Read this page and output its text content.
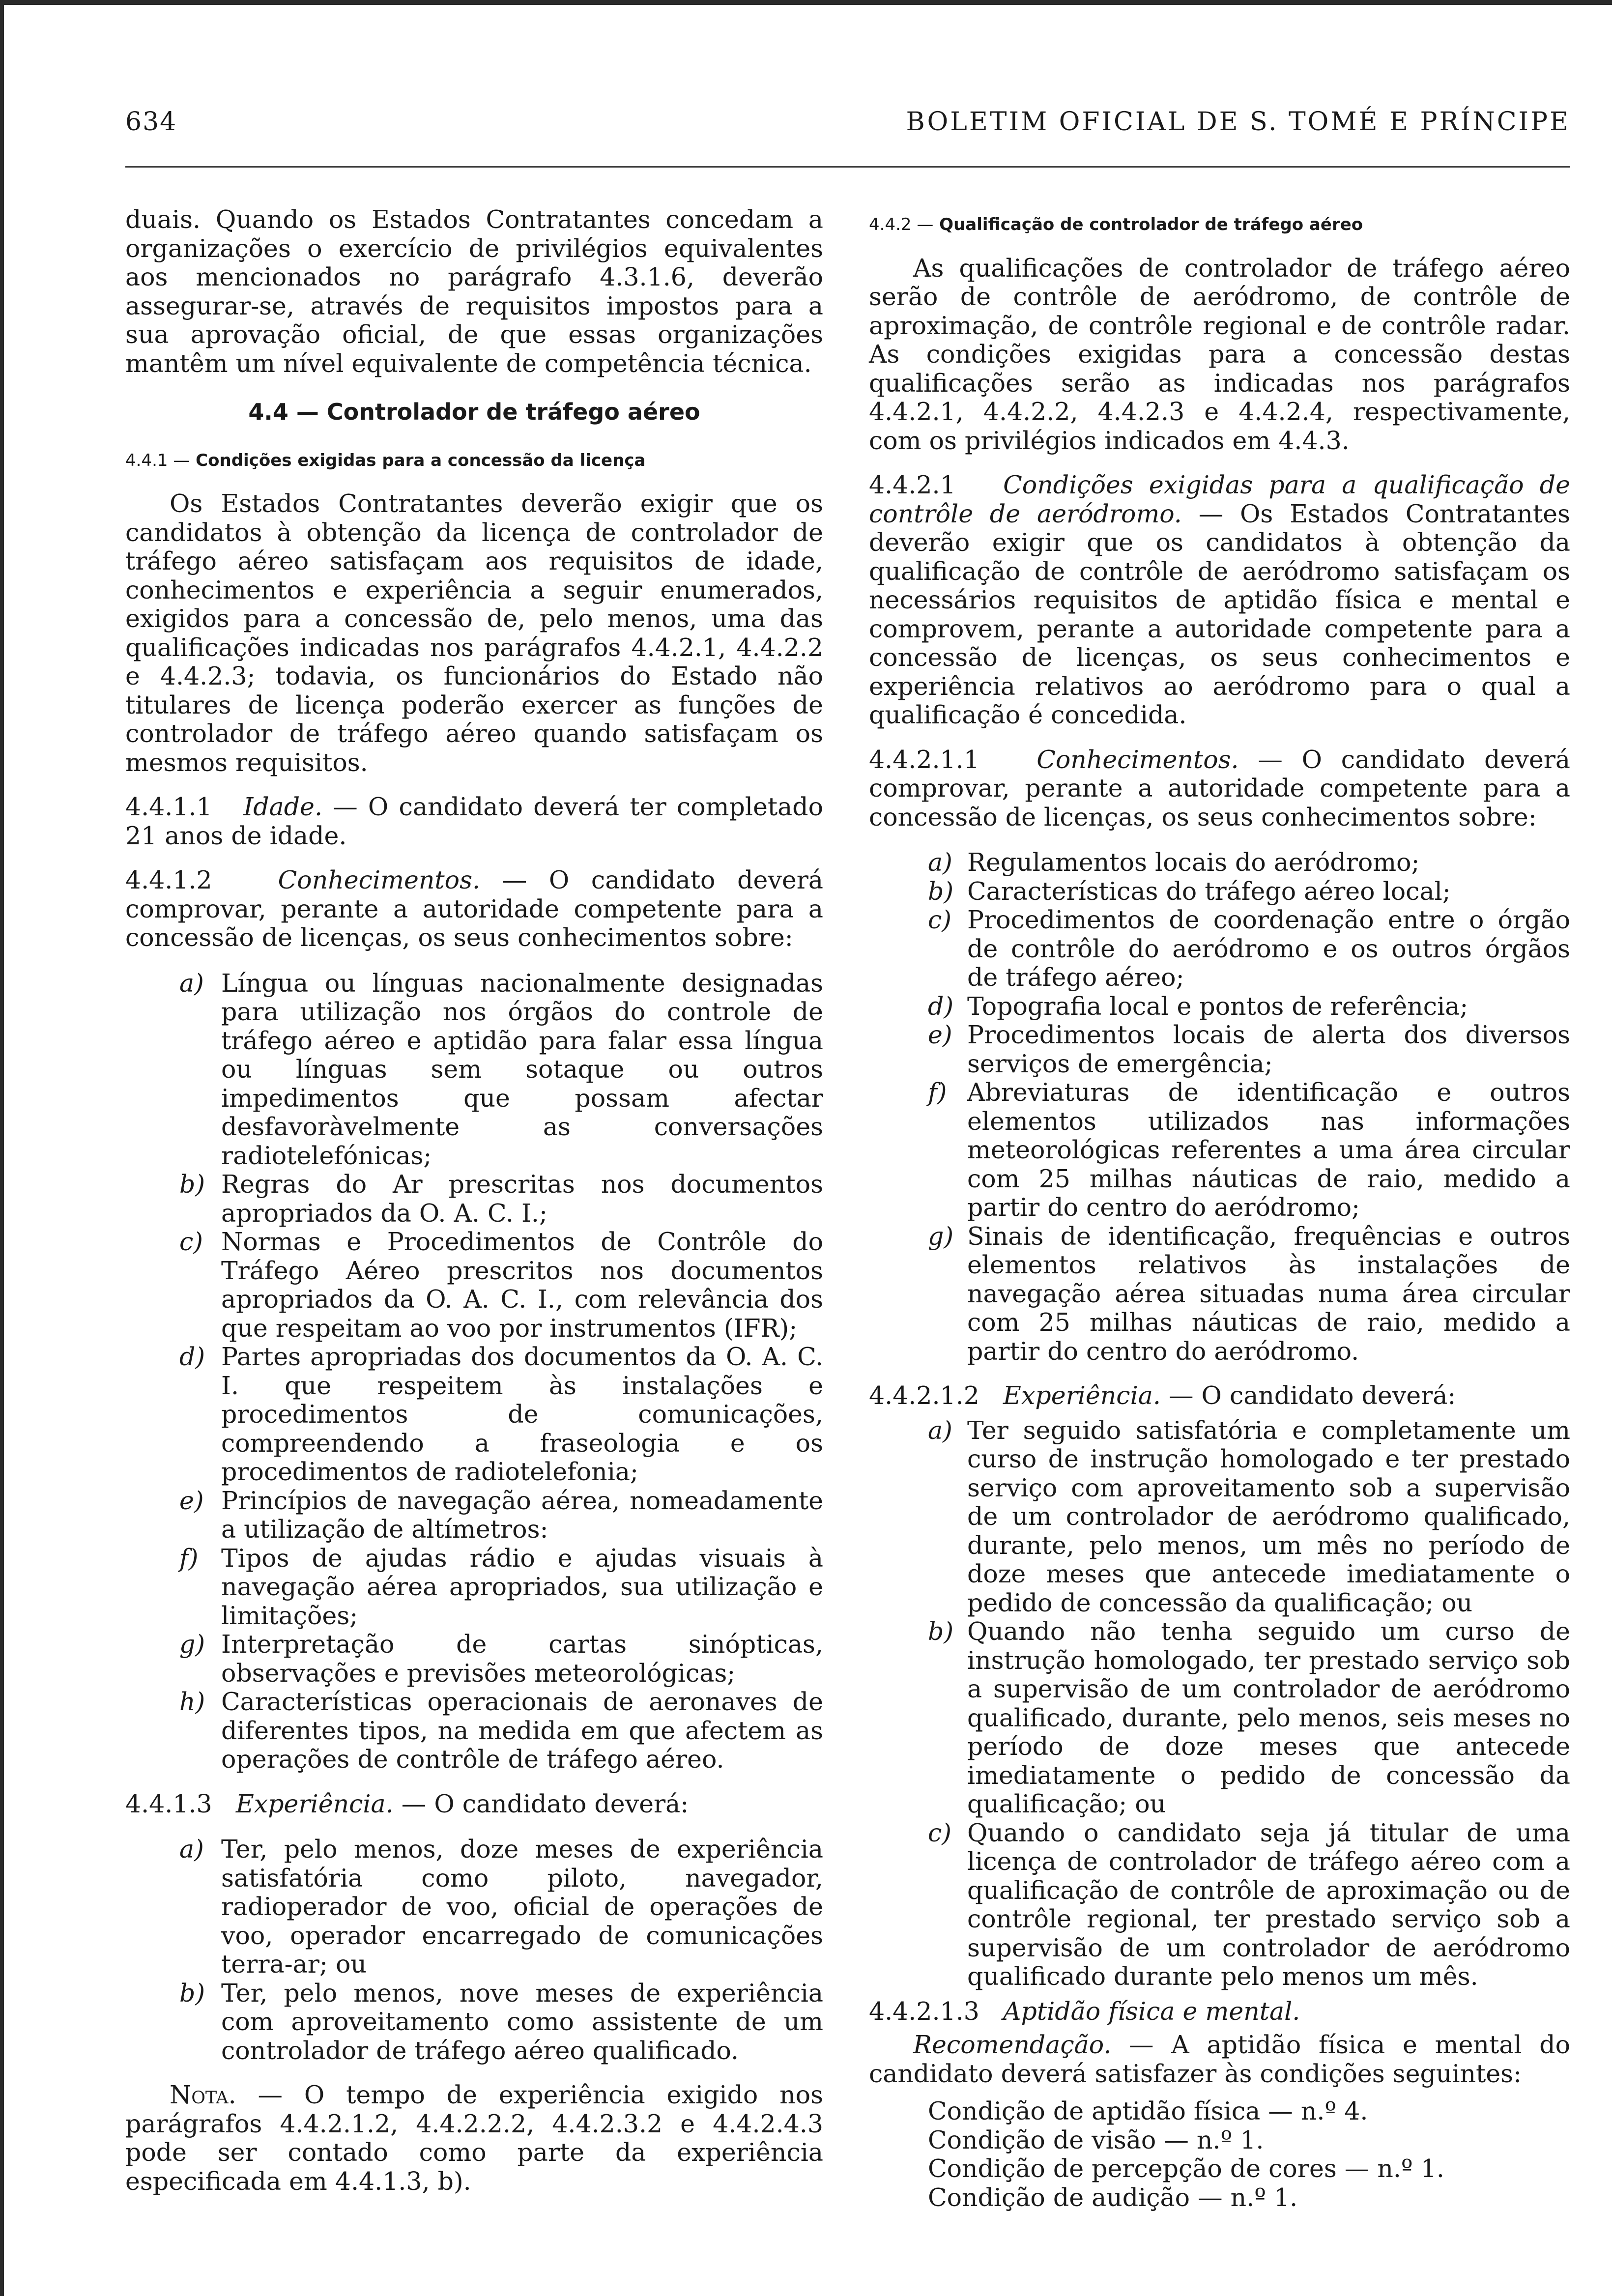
634	BOLETIM OFICIAL DE S. TOMÉ E PRÍNCIPE

duais. Quando os Estados Contratantes concedam a organizações o exercício de privilégios equivalentes aos mencionados no parágrafo 4.3.1.6, deverão assegurar-se, através de requisitos impostos para a sua aprovação oficial, de que essas organizações mantêm um nível equivalente de competência técnica.

4.4 — Controlador de tráfego aéreo
4.4.1 — Condições exigidas para a concessão da licença

Os Estados Contratantes deverão exigir que os candidatos à obtenção da licença de controlador de tráfego aéreo satisfaçam aos requisitos de idade, conhecimentos e experiência a seguir enumerados, exigidos para a concessão de, pelo menos, uma das qualificações indicadas nos parágrafos 4.4.2.1, 4.4.2.2 e 4.4.2.3; todavia, os funcionários do Estado não titulares de licença poderão exercer as funções de controlador de tráfego aéreo quando satisfaçam os mesmos requisitos.

4.4.1.1 Idade. — O candidato deverá ter completado 21 anos de idade.

4.4.1.2	Conhecimentos. — O candidato deverá comprovar, perante a autoridade competente para a concessão de licenças, os seus conhecimentos sobre:

a) Língua ou línguas nacionalmente designadas para utilização nos órgãos do controle de tráfego aéreo e aptidão para falar essa língua ou línguas sem sotaque ou outros impedimentos que possam afectar desfavoràvelmente as conversações radiotelefónicas;
b) Regras do Ar prescritas nos documentos apropriados da O. A. C. I.;
c) Normas e Procedimentos de Contrôle do Tráfego Aéreo prescritos nos documentos apropriados da O. A. C. I., com relevância dos que respeitam ao voo por instrumentos (IFR);
d) Partes apropriadas dos documentos da O. A. C. I. que respeitem às instalações e procedimentos de comunicações, compreendendo a fraseologia e os procedimentos de radiotelefonia;
e) Princípios de navegação aérea, nomeadamente a utilização de altímetros:
f) Tipos de ajudas rádio e ajudas visuais à navegação aérea apropriados, sua utilização e limitações;
g) Interpretação de cartas sinópticas, observações e previsões meteorológicas;
h) Características operacionais de aeronaves de diferentes tipos, na medida em que afectem as operações de contrôle de tráfego aéreo.

4.4.1.3 Experiência. — O candidato deverá:

a) Ter, pelo menos, doze meses de experiência satisfatória como piloto, navegador, radioperador de voo, oficial de operações de voo, operador encarregado de comunicações terra-ar; ou
b) Ter, pelo menos, nove meses de experiência com aproveitamento como assistente de um controlador de tráfego aéreo qualificado.

Nota. — O tempo de experiência exigido nos parágrafos 4.4.2.1.2, 4.4.2.2.2, 4.4.2.3.2 e 4.4.2.4.3 pode ser contado como parte da experiência especificada em 4.4.1.3, b).

4.4.2 — Qualificação de controlador de tráfego aéreo

As qualificações de controlador de tráfego aéreo serão de contrôle de aeródromo, de contrôle de aproximação, de contrôle regional e de contrôle radar. As condições exigidas para a concessão destas qualificações serão as indicadas nos parágrafos 4.4.2.1, 4.4.2.2, 4.4.2.3 e 4.4.2.4, respectivamente, com os privilégios indicados em 4.4.3.

4.4.2.1 Condições exigidas para a qualificação de contrôle de aeródromo. — Os Estados Contratantes deverão exigir que os candidatos à obtenção da qualificação de contrôle de aeródromo satisfaçam os necessários requisitos de aptidão física e mental e comprovem, perante a autoridade competente para a concessão de licenças, os seus conhecimentos e experiência relativos ao aeródromo para o qual a qualificação é concedida.

4.4.2.1.1 Conhecimentos. — O candidato deverá comprovar, perante a autoridade competente para a concessão de licenças, os seus conhecimentos sobre:

a) Regulamentos locais do aeródromo;
b) Características do tráfego aéreo local;
c) Procedimentos de coordenação entre o órgão de contrôle do aeródromo e os outros órgãos de tráfego aéreo;
d) Topografia local e pontos de referência;
e) Procedimentos locais de alerta dos diversos serviços de emergência;
f) Abreviaturas de identificação e outros elementos utilizados nas informações meteorológicas referentes a uma área circular com 25 milhas náuticas de raio, medido a partir do centro do aeródromo;
g) Sinais de identificação, frequências e outros elementos relativos às instalações de navegação aérea situadas numa área circular com 25 milhas náuticas de raio, medido a partir do centro do aeródromo.

4.4.2.1.2 Experiência. — O candidato deverá:

a) Ter seguido satisfatória e completamente um curso de instrução homologado e ter prestado serviço com aproveitamento sob a supervisão de um controlador de aeródromo qualificado, durante, pelo menos, um mês no período de doze meses que antecede imediatamente o pedido de concessão da qualificação; ou
b) Quando não tenha seguido um curso de instrução homologado, ter prestado serviço sob a supervisão de um controlador de aeródromo qualificado, durante, pelo menos, seis meses no período de doze meses que antecede imediatamente o pedido de concessão da qualificação; ou
c) Quando o candidato seja já titular de uma licença de controlador de tráfego aéreo com a qualificação de contrôle de aproximação ou de contrôle regional, ter prestado serviço sob a supervisão de um controlador de aeródromo qualificado durante pelo menos um mês.

4.4.2.1.3 Aptidão física e mental.

Recomendação. — A aptidão física e mental do candidato deverá satisfazer às condições seguintes:

Condição de aptidão física — n.º 4.
Condição de visão — n.º 1.
Condição de percepção de cores — n.º 1.
Condição de audição — n.º 1.
